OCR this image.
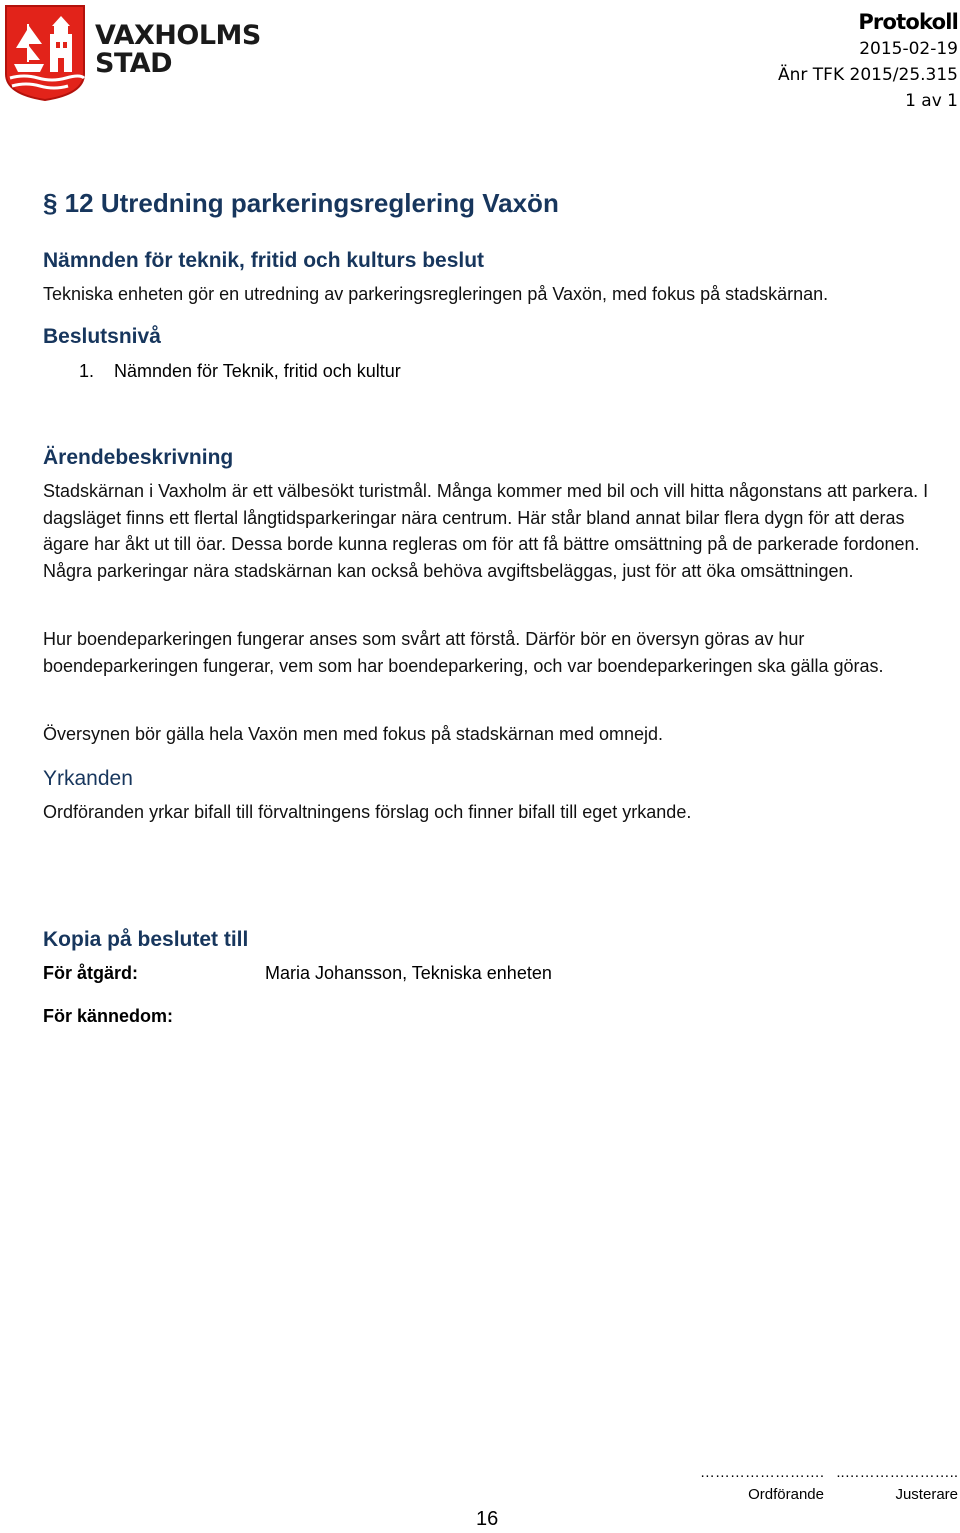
VAXHOLMS
STAD
Protokoll
2015-02-19
Änr TFK 2015/25.315
1 av 1
§ 12 Utredning parkeringsreglering Vaxön
Nämnden för teknik, fritid och kulturs beslut
Tekniska enheten gör en utredning av parkeringsregleringen på Vaxön, med fokus på stadskärnan.
Beslutsnivå
1. Nämnden för Teknik, fritid och kultur
Ärendebeskrivning
Stadskärnan i Vaxholm är ett välbesökt turistmål. Många kommer med bil och vill hitta någonstans att parkera. I dagsläget finns ett flertal långtidsparkeringar nära centrum. Här står bland annat bilar flera dygn för att deras ägare har åkt ut till öar. Dessa borde kunna regleras om för att få bättre omsättning på de parkerade fordonen. Några parkeringar nära stadskärnan kan också behöva avgiftsbeläggas, just för att öka omsättningen.
Hur boendeparkeringen fungerar anses som svårt att förstå. Därför bör en översyn göras av hur boendeparkeringen fungerar, vem som har boendeparkering, och var boendeparkeringen ska gälla göras.
Översynen bör gälla hela Vaxön men med fokus på stadskärnan med omnejd.
Yrkanden
Ordföranden yrkar bifall till förvaltningens förslag och finner bifall till eget yrkande.
Kopia på beslutet till
För åtgärd:	Maria Johansson, Tekniska enheten
För kännedom:
…………………….
Ordförande
..…………………..
Justerare
16
